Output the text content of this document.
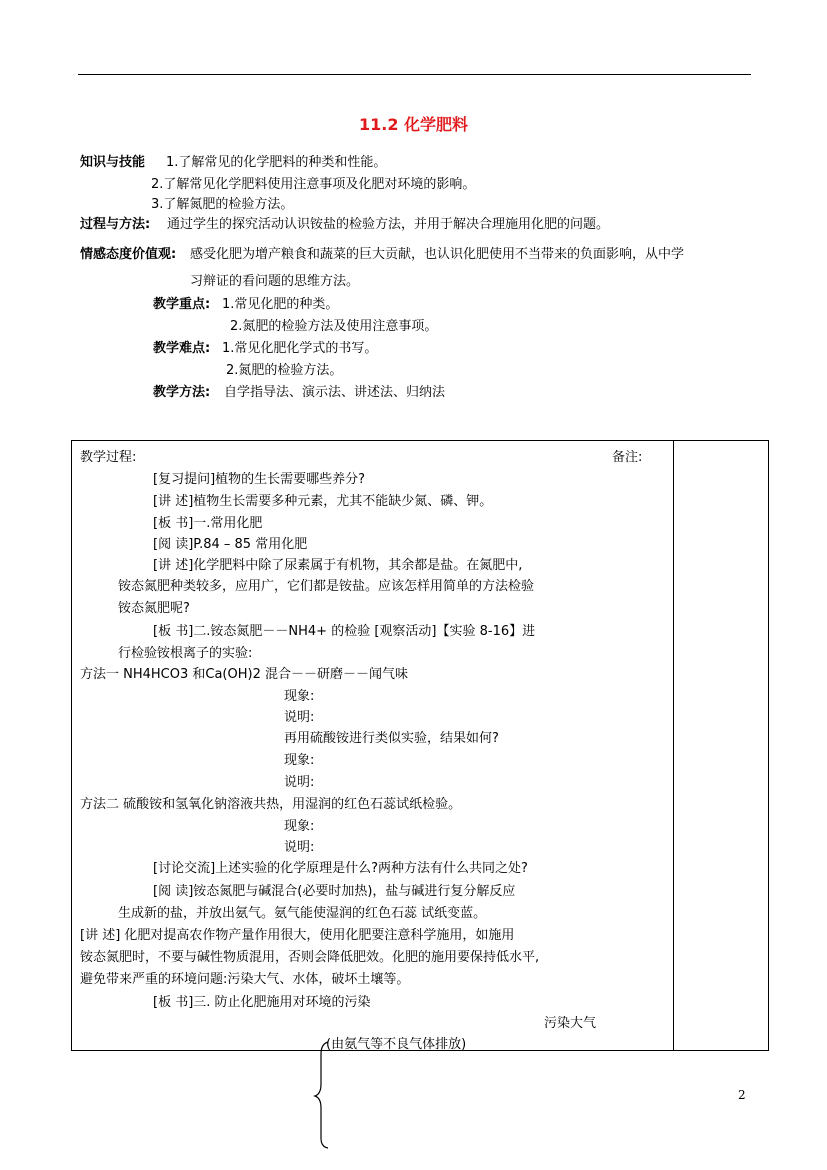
11.2 化学肥料
知识与技能 1.了解常见的化学肥料的种类和性能。
2.了解常见化学肥料使用注意事项及化肥对环境的影响。
3.了解氮肥的检验方法。
过程与方法: 通过学生的探究活动认识铵盐的检验方法，并用于解决合理施用化肥的问题。
情感态度价值观: 感受化肥为增产粮食和蔬菜的巨大贡献，也认识化肥使用不当带来的负面影响，从中学
习辩证的看问题的思维方法。
教学重点: 1.常见化肥的种类。
2.氮肥的检验方法及使用注意事项。
教学难点: 1.常见化肥化学式的书写。
2.氮肥的检验方法。
教学方法: 自学指导法、演示法、讲述法、归纳法
教学过程:	备注:
[复习提问]植物的生长需要哪些养分?
[讲 述]植物生长需要多种元素，尤其不能缺少氮、磷、钾。
[板 书]一.常用化肥
[阅 读]P.84 – 85 常用化肥
[讲 述]化学肥料中除了尿素属于有机物，其余都是盐。在氮肥中,
铵态氮肥种类较多，应用广，它们都是铵盐。应该怎样用简单的方法检验
铵态氮肥呢?
[板 书]二.铵态氮肥－－NH4+ 的检验 [观察活动]【实验 8-16】进
行检验铵根离子的实验:
方法一 NH4HCO3 和Ca(OH)2 混合－－研磨－－闻气味
现象:
说明:
再用硫酸铵进行类似实验，结果如何?
现象:
说明:
方法二 硫酸铵和氢氧化钠溶液共热，用湿润的红色石蕊试纸检验。
现象:
说明:
[讨论交流]上述实验的化学原理是什么?两种方法有什么共同之处?
[阅 读]铵态氮肥与碱混合(必要时加热)，盐与碱进行复分解反应
生成新的盐，并放出氨气。氨气能使湿润的红色石蕊 试纸变蓝。
[讲 述] 化肥对提高农作物产量作用很大，使用化肥要注意科学施用，如施用
铵态氮肥时，不要与碱性物质混用，否则会降低肥效。化肥的施用要保持低水平,
避免带来严重的环境问题:污染大气、水体，破坏土壤等。
[板 书]三. 防止化肥施用对环境的污染
污染大气
(由氨气等不良气体排放)
2
